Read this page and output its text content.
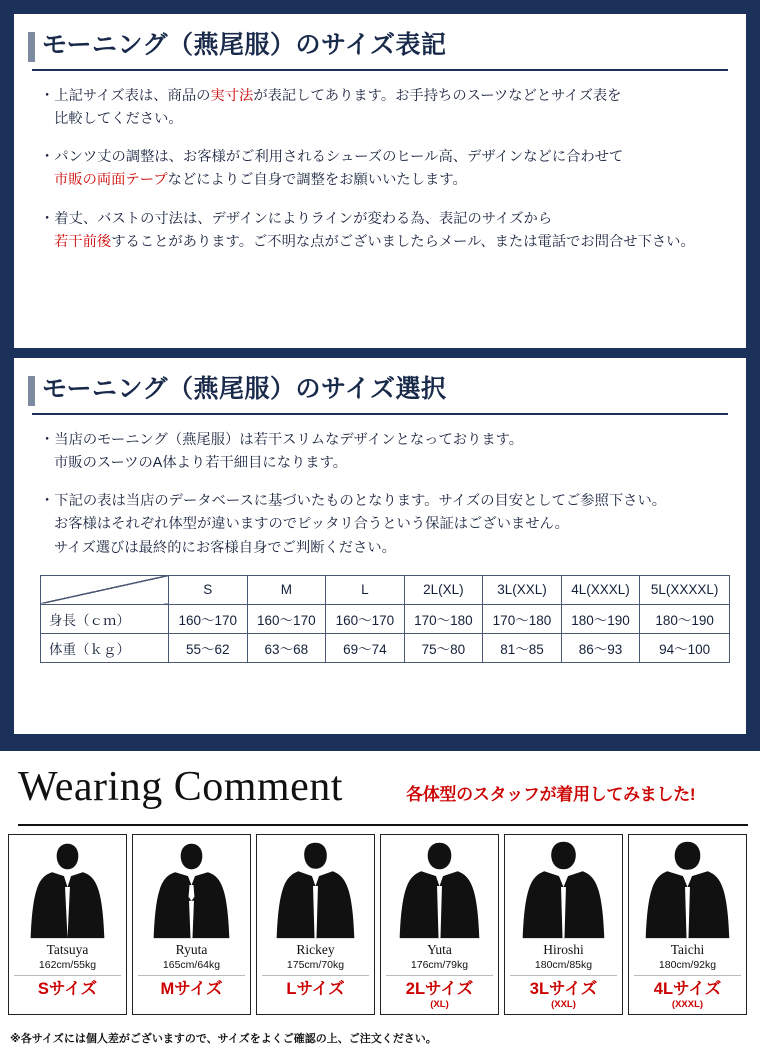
モーニング（燕尾服）のサイズ表記
・上記サイズ表は、商品の実寸法が表記してあります。お手持ちのスーツなどとサイズ表を
比較してください。
・パンツ丈の調整は、お客様がご利用されるシューズのヒール高、デザインなどに合わせて
市販の両面テープなどによりご自身で調整をお願いいたします。
・着丈、バストの寸法は、デザインによりラインが変わる為、表記のサイズから
若干前後することがあります。ご不明な点がございましたらメール、または電話でお問合せ下さい。
モーニング（燕尾服）のサイズ選択
・当店のモーニング（燕尾服）は若干スリムなデザインとなっております。
市販のスーツのA体より若干細目になります。
・下記の表は当店のデータベースに基づいたものとなります。サイズの目安としてご参照下さい。
お客様はそれぞれ体型が違いますのでピッタリ合うという保証はございません。
サイズ選びは最終的にお客様自身でご判断ください。
	S	M	L	2L(XL)	3L(XXL)	4L(XXXL)	5L(XXXXL)
身長（ｃｍ）	160〜170	160〜170	160〜170	170〜180	170〜180	180〜190	180〜190
体重（ｋｇ）	55〜62	63〜68	69〜74	75〜80	81〜85	86〜93	94〜100
Wearing Comment	各体型のスタッフが着用してみました!
Tatsuya
162cm/55kg
Sサイズ
Ryuta
165cm/64kg
Mサイズ
Rickey
175cm/70kg
Lサイズ
Yuta
176cm/79kg
2Lサイズ
(XL)
Hiroshi
180cm/85kg
3Lサイズ
(XXL)
Taichi
180cm/92kg
4Lサイズ
(XXXL)
※各サイズには個人差がございますので、サイズをよくご確認の上、ご注文ください。
